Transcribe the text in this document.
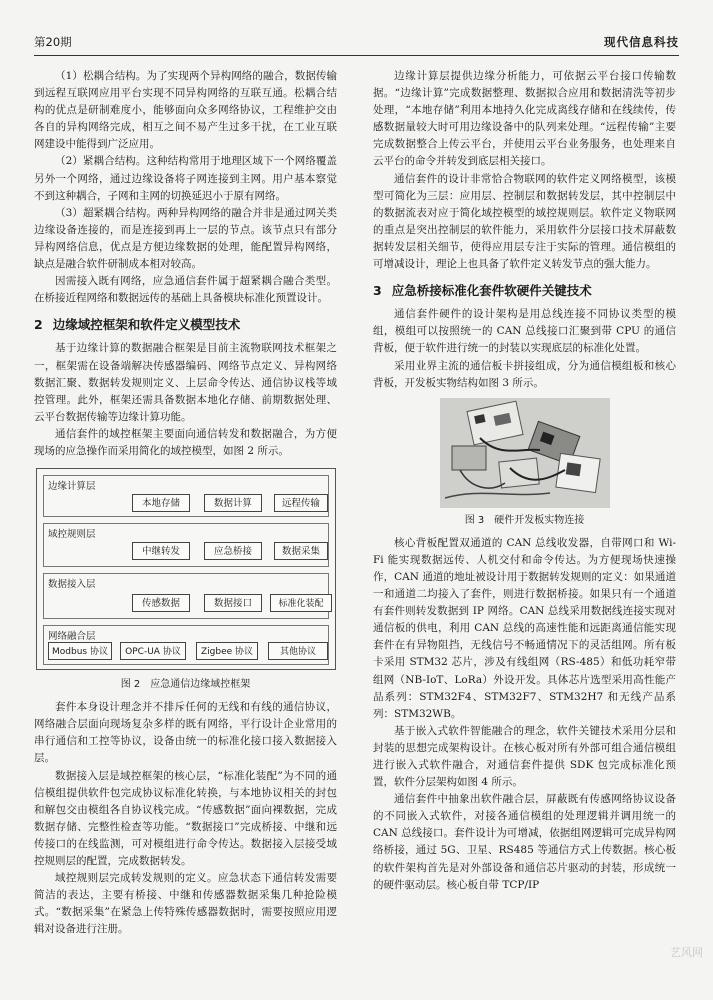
第20期	现代信息科技

（1）松耦合结构。为了实现两个异构网络的融合，数据传输到远程互联网应用平台实现不同异构网络的互联互通。松耦合结构的优点是研制难度小，能够面向众多网络协议，工程维护交由各自的异构网络完成，相互之间不易产生过多干扰，在工业互联网建设中能得到广泛应用。

（2）紧耦合结构。这种结构常用于地理区域下一个网络覆盖另外一个网络，通过边缘设备将子网连接到主网。用户基本察觉不到这种耦合，子网和主网的切换延迟小于原有网络。

（3）超紧耦合结构。两种异构网络的融合并非是通过网关类边缘设备连接的，而是连接到再上一层的节点。该节点只有部分异构网络信息，优点是方便边缘数据的处理，能配置异构网络，缺点是融合软件研制成本相对较高。

因需接入既有网络，应急通信套件属于超紧耦合融合类型。在桥接近程网络和数据远传的基础上具备模块标准化预置设计。

2 边缘域控框架和软件定义模型技术

基于边缘计算的数据融合框架是目前主流物联网技术框架之一，框架需在设备端解决传感器编码、网络节点定义、异构网络数据汇聚、数据转发规则定义、上层命令传达、通信协议栈等域控管理。此外，框架还需具备数据本地化存储、前期数据处理、云平台数据传输等边缘计算功能。

通信套件的域控框架主要面向通信转发和数据融合，为方便现场的应急操作而采用简化的域控模型，如图 2 所示。

边缘计算层
本地存储	数据计算	远程传输
域控规则层
中继转发	应急桥接	数据采集
数据接入层
传感数据	数据接口	标准化装配
网络融合层
Modbus 协议	OPC-UA 协议	Zigbee 协议	其他协议
图 2 应急通信边缘域控框架

套件本身设计理念并不排斥任何的无线和有线的通信协议，网络融合层面向现场复杂多样的既有网络，平行设计企业常用的串行通信和工控等协议，设备由统一的标准化接口接入数据接入层。

数据接入层是域控框架的核心层，“标准化装配”为不同的通信模组提供软件包完成协议标准化转换，与本地协议相关的封包和解包交由模组各自协议栈完成。“传感数据”面向裸数据，完成数据存储、完整性检查等功能。“数据接口”完成桥接、中继和远传接口的在线监测，可对模组进行命令传达。数据接入层接受域控规则层的配置，完成数据转发。

域控规则层完成转发规则的定义。应急状态下通信转发需要简洁的表达，主要有桥接、中继和传感器数据采集几种抢险模式。“数据采集”在紧急上传特殊传感器数据时，需要按照应用逻辑对设备进行注册。

边缘计算层提供边缘分析能力，可依据云平台接口传输数据。“边缘计算”完成数据整理、数据拟合应用和数据清洗等初步处理，“本地存储”利用本地持久化完成离线存储和在线续传，传感数据量较大时可用边缘设备中的队列来处理。“远程传输”主要完成数据整合上传云平台，并使用云平台业务服务，也处理来自云平台的命令并转发到底层相关接口。

通信套件的设计非常恰合物联网的软件定义网络模型，该模型可简化为三层：应用层、控制层和数据转发层，其中控制层中的数据流表对应于简化域控模型的域控规则层。软件定义物联网的重点是突出控制层的软件能力，采用软件分层接口技术屏蔽数据转发层相关细节，使得应用层专注于实际的管理。通信模组的可增减设计，理论上也具备了软件定义转发节点的强大能力。

3 应急桥接标准化套件软硬件关键技术

通信套件硬件的设计架构是用总线连接不同协议类型的模组，模组可以按照统一的 CAN 总线接口汇聚到带 CPU 的通信背板，便于软件进行统一的封装以实现底层的标准化处置。

采用业界主流的通信板卡拼接组成，分为通信模组板和核心背板，开发板实物结构如图 3 所示。

图 3 硬件开发板实物连接

核心背板配置双通道的 CAN 总线收发器，自带网口和 Wi-Fi 能实现数据远传、人机交付和命令传达。为方便现场快速操作，CAN 通道的地址被设计用于数据转发规则的定义：如果通道一和通道二均接入了套件，则进行数据桥接。如果只有一个通道有套件则转发数据到 IP 网络。CAN 总线采用数据线连接实现对通信板的供电，利用 CAN 总线的高速性能和远距离通信能实现套件在有异物阻挡，无线信号不畅通情况下的灵活组网。所有板卡采用 STM32 芯片，涉及有线组网（RS-485）和低功耗窄带组网（NB-IoT、LoRa）外设开发。具体芯片选型采用高性能产品系列：STM32F4、STM32F7、STM32H7 和无线产品系列：STM32WB。

基于嵌入式软件智能融合的理念，软件关键技术采用分层和封装的思想完成架构设计。在核心板对所有外部可组合通信模组进行嵌入式软件融合，对通信套件提供 SDK 包完成标准化预置，软件分层架构如图 4 所示。

通信套件中抽象出软件融合层，屏蔽既有传感网络协议设备的不同嵌入式软件，对接各通信模组的处理逻辑并调用统一的 CAN 总线接口。套件设计为可增减，依据组网逻辑可完成异构网络桥接，通过 5G、卫星、RS485 等通信方式上传数据。核心板的软件架构首先是对外部设备和通信芯片驱动的封装，形成统一的硬件驱动层。核心板自带 TCP/IP

艺风网
